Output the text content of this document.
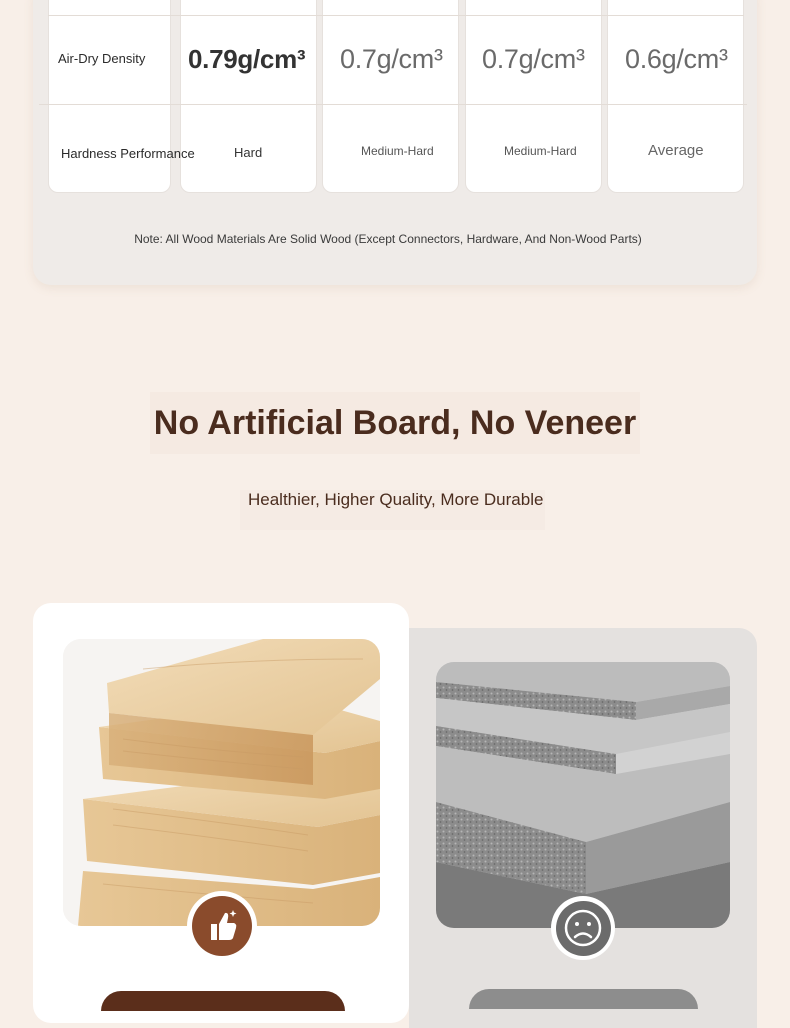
Air-Dry Density 0.79g/cm³ 0.7g/cm³ 0.7g/cm³ 0.6g/cm³
Hardness Performance	Hard	Medium-Hard	Medium-Hard	Average
Note: All Wood Materials Are Solid Wood (Except Connectors, Hardware, And Non-Wood Parts)
No Artificial Board, No Veneer
Healthier, Higher Quality, More Durable
